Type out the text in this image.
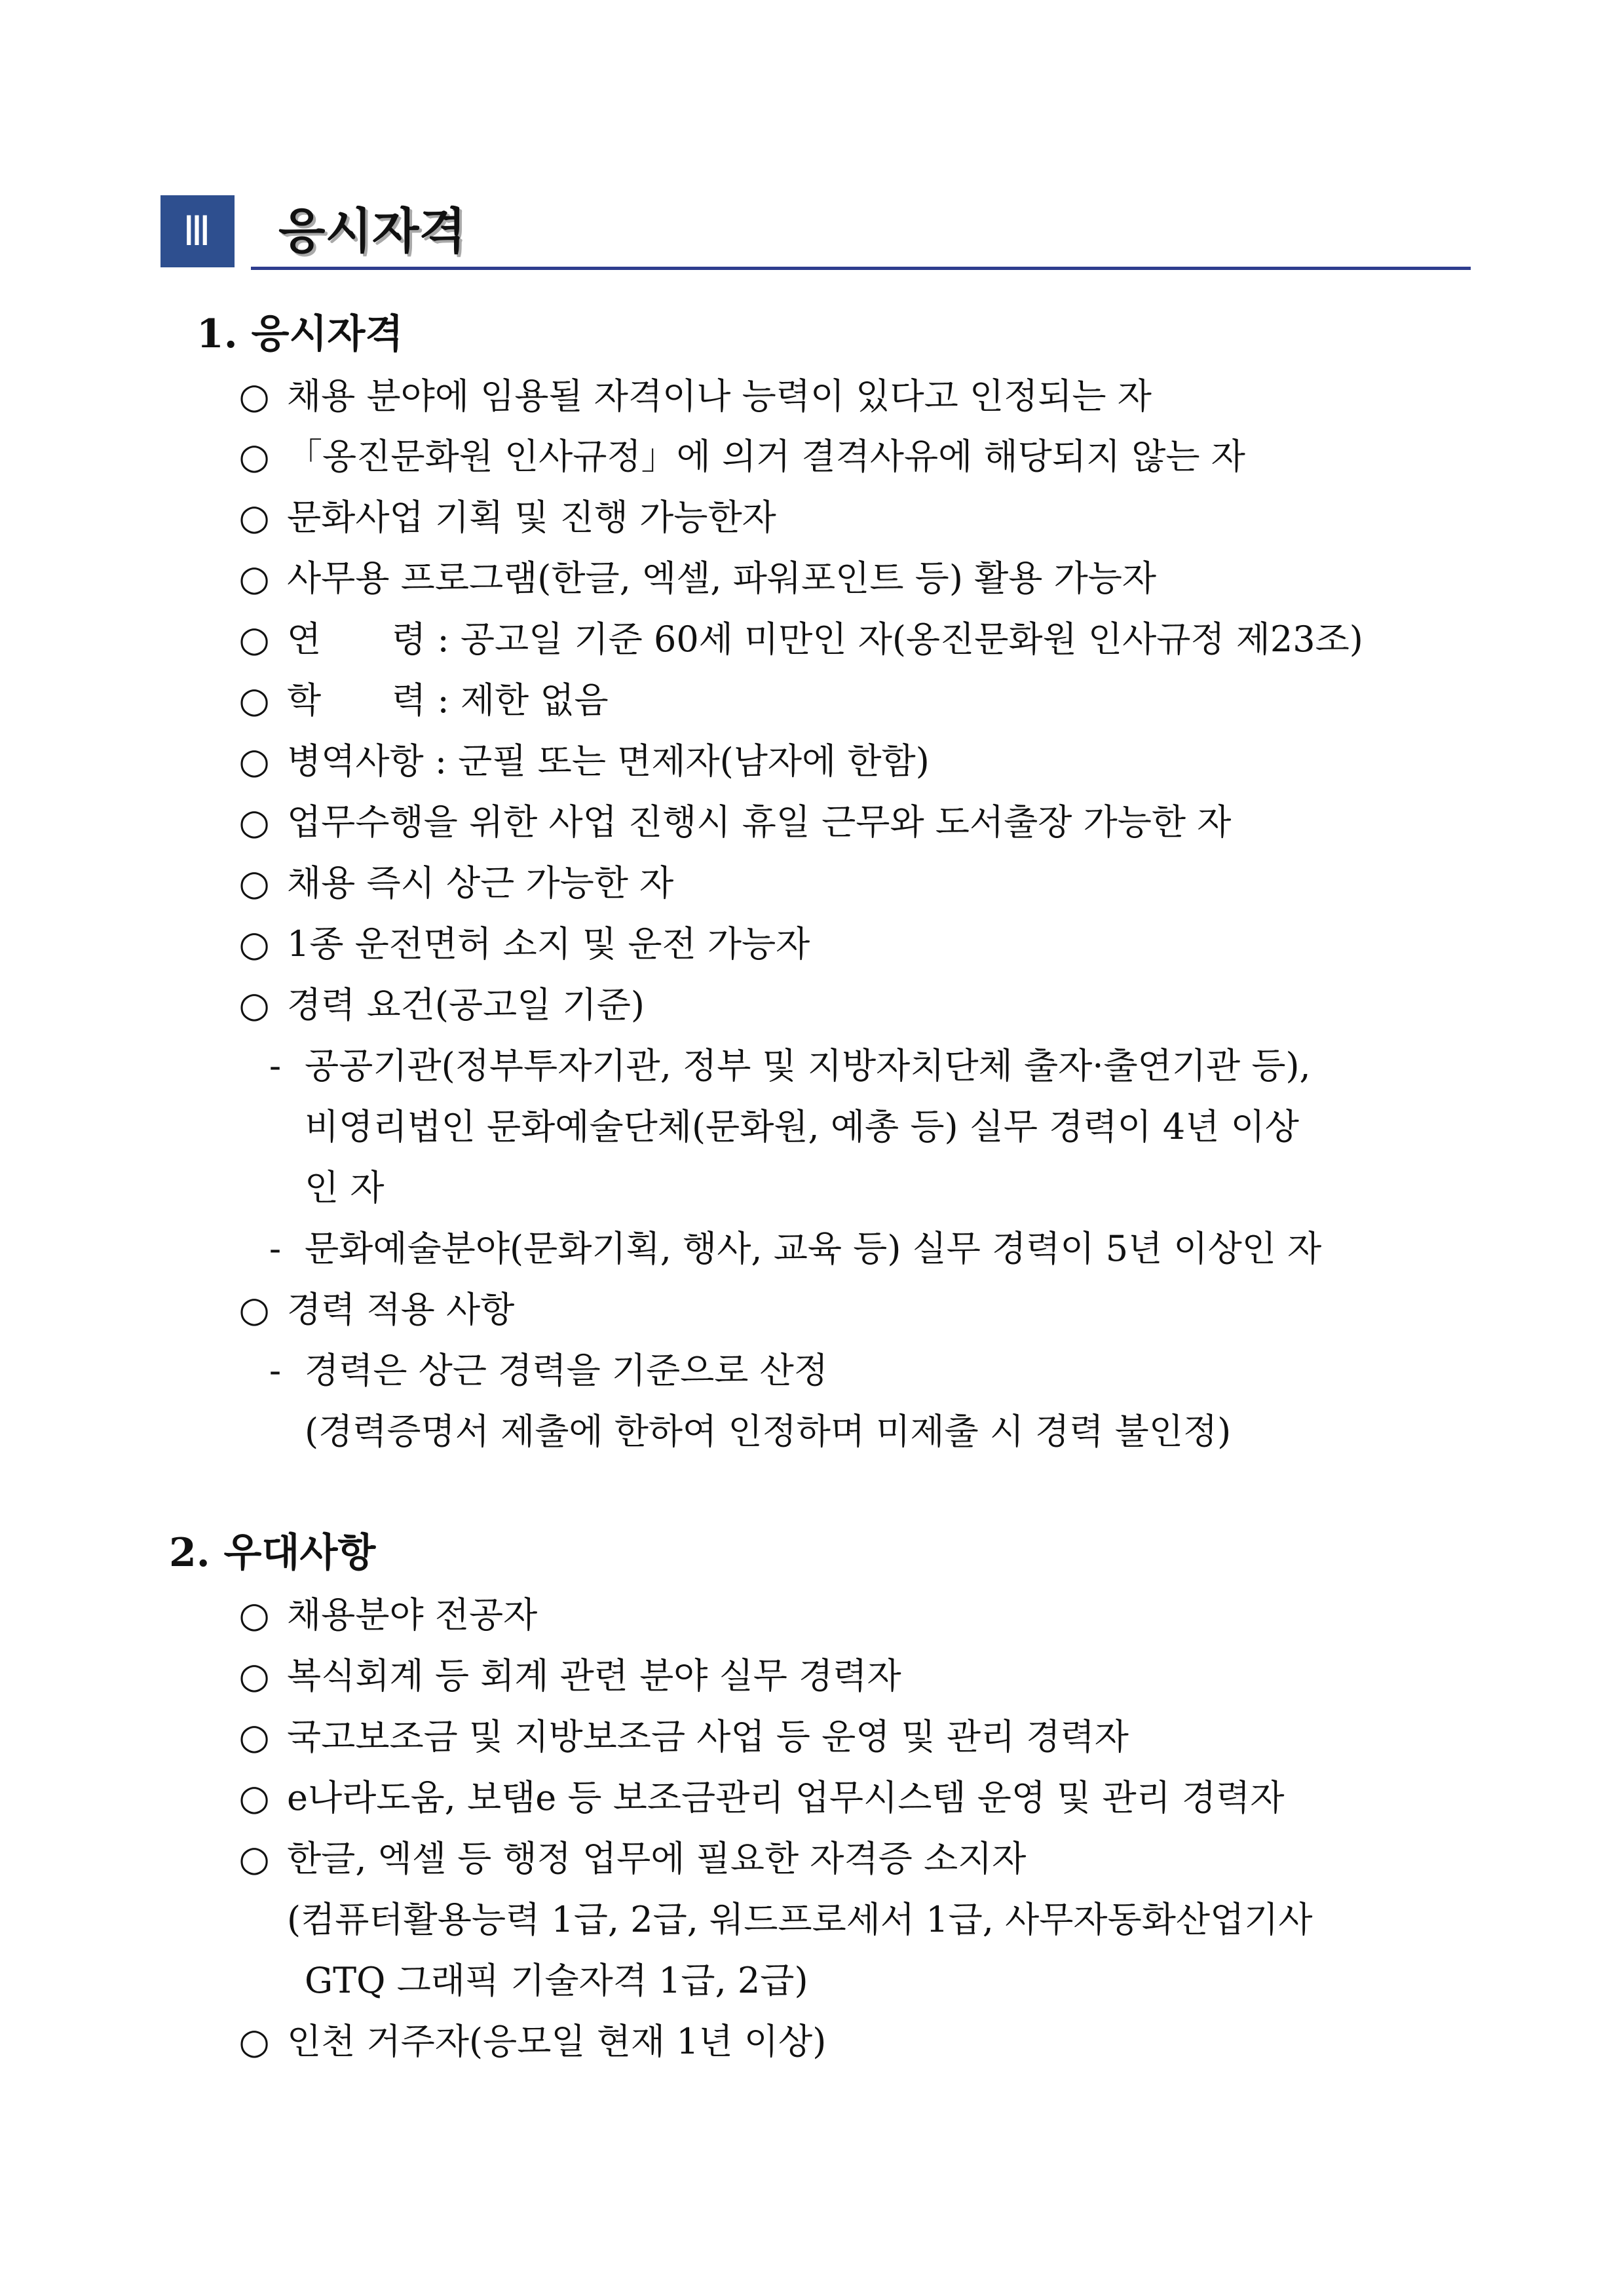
Ⅲ	응시자격
1. 응시자격
○ 채용 분야에 임용될 자격이나 능력이 있다고 인정되는 자
○ 「옹진문화원 인사규정」에 의거 결격사유에 해당되지 않는 자
○ 문화사업 기획 및 진행 가능한자
○ 사무용 프로그램(한글, 엑셀, 파워포인트 등) 활용 가능자
○ 연　　령 : 공고일 기준 60세 미만인 자(옹진문화원 인사규정 제23조)
○ 학　　력 : 제한 없음
○ 병역사항 : 군필 또는 면제자(남자에 한함)
○ 업무수행을 위한 사업 진행시 휴일 근무와 도서출장 가능한 자
○ 채용 즉시 상근 가능한 자
○ 1종 운전면허 소지 및 운전 가능자
○ 경력 요건(공고일 기준)
- 공공기관(정부투자기관, 정부 및 지방자치단체 출자·출연기관 등),
비영리법인 문화예술단체(문화원, 예총 등) 실무 경력이 4년 이상
인 자
- 문화예술분야(문화기획, 행사, 교육 등) 실무 경력이 5년 이상인 자
○ 경력 적용 사항
- 경력은 상근 경력을 기준으로 산정
(경력증명서 제출에 한하여 인정하며 미제출 시 경력 불인정)
2. 우대사항
○ 채용분야 전공자
○ 복식회계 등 회계 관련 분야 실무 경력자
○ 국고보조금 및 지방보조금 사업 등 운영 및 관리 경력자
○ e나라도움, 보탬e 등 보조금관리 업무시스템 운영 및 관리 경력자
○ 한글, 엑셀 등 행정 업무에 필요한 자격증 소지자
(컴퓨터활용능력 1급, 2급, 워드프로세서 1급, 사무자동화산업기사
GTQ 그래픽 기술자격 1급, 2급)
○ 인천 거주자(응모일 현재 1년 이상)
